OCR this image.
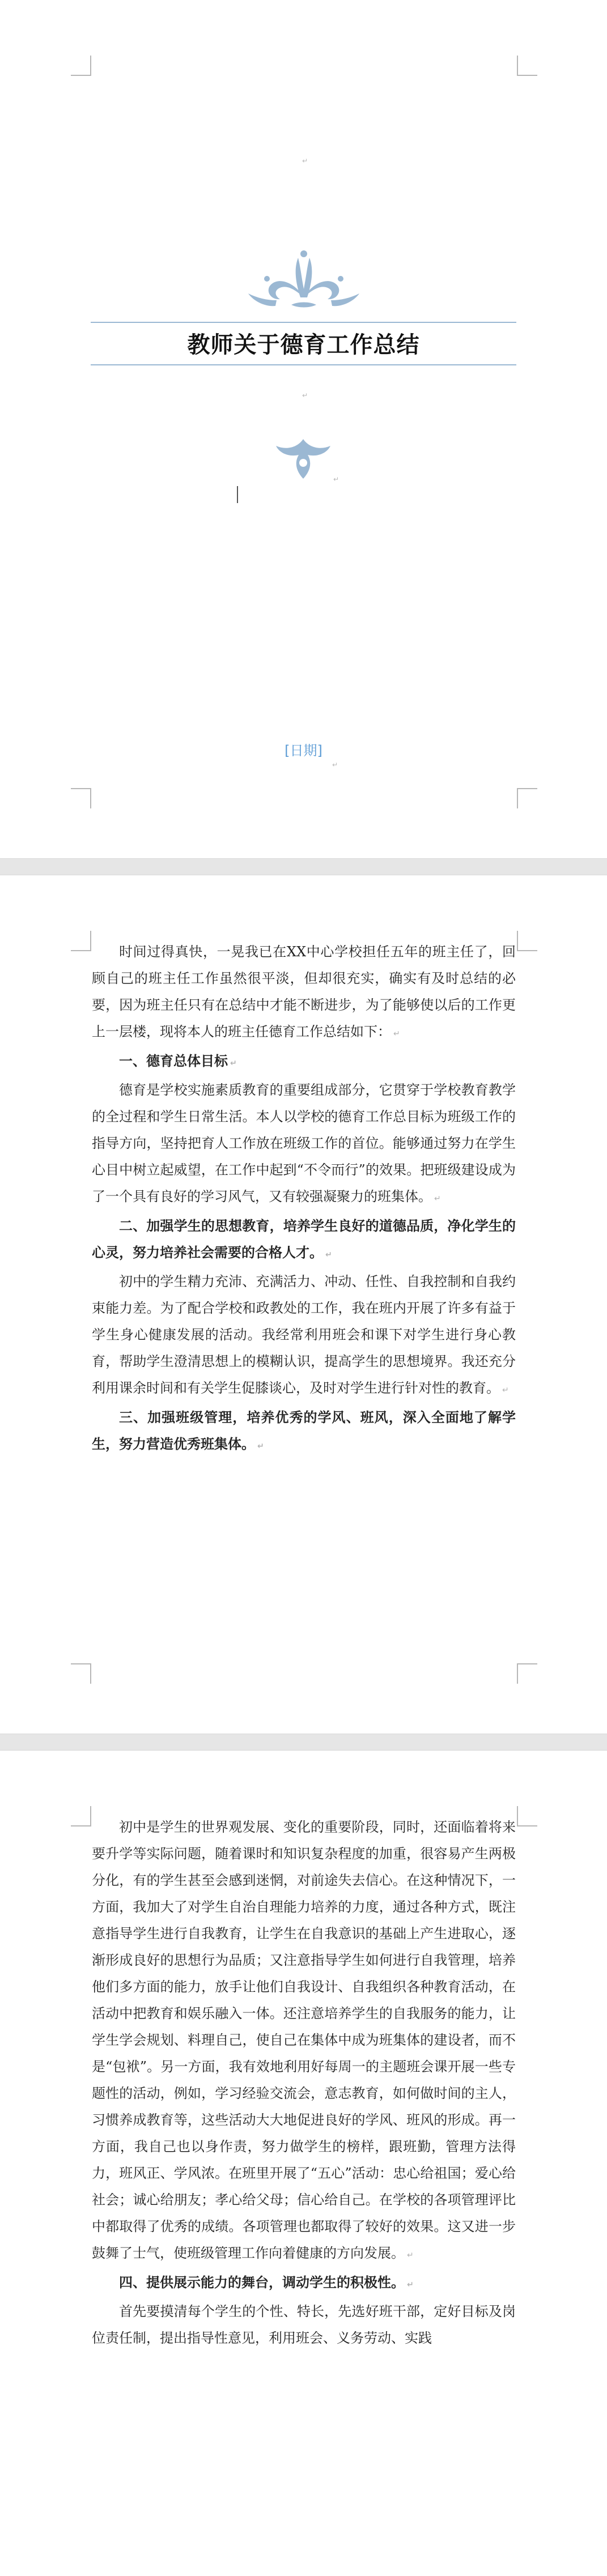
↵
教师关于德育工作总结
↵
↵
[日期]
↵

时间过得真快，一晃我已在XX中心学校担任五年的班主任了，回顾自己的班主任工作虽然很平淡，但却很充实，确实有及时总结的必要，因为班主任只有在总结中才能不断进步，为了能够使以后的工作更上一层楼，现将本人的班主任德育工作总结如下： ↵

一、德育总体目标 ↵

德育是学校实施素质教育的重要组成部分，它贯穿于学校教育教学的全过程和学生日常生活。本人以学校的德育工作总目标为班级工作的指导方向，坚持把育人工作放在班级工作的首位。能够通过努力在学生心目中树立起威望，在工作中起到“不令而行”的效果。把班级建设成为了一个具有良好的学习风气，又有较强凝聚力的班集体。 ↵

二、加强学生的思想教育，培养学生良好的道德品质，净化学生的心灵，努力培养社会需要的合格人才。 ↵

初中的学生精力充沛、充满活力、冲动、任性、自我控制和自我约束能力差。为了配合学校和政教处的工作，我在班内开展了许多有益于学生身心健康发展的活动。我经常利用班会和课下对学生进行身心教育，帮助学生澄清思想上的模糊认识，提高学生的思想境界。我还充分利用课余时间和有关学生促膝谈心，及时对学生进行针对性的教育。 ↵

三、加强班级管理，培养优秀的学风、班风，深入全面地了解学生，努力营造优秀班集体。 ↵

初中是学生的世界观发展、变化的重要阶段，同时，还面临着将来要升学等实际问题，随着课时和知识复杂程度的加重，很容易产生两极分化，有的学生甚至会感到迷惘，对前途失去信心。在这种情况下，一方面，我加大了对学生自治自理能力培养的力度，通过各种方式，既注意指导学生进行自我教育，让学生在自我意识的基础上产生进取心，逐渐形成良好的思想行为品质；又注意指导学生如何进行自我管理，培养他们多方面的能力，放手让他们自我设计、自我组织各种教育活动，在活动中把教育和娱乐融入一体。还注意培养学生的自我服务的能力，让学生学会规划、料理自己，使自己在集体中成为班集体的建设者，而不是“包袱”。另一方面，我有效地利用好每周一的主题班会课开展一些专题性的活动，例如，学习经验交流会，意志教育，如何做时间的主人，习惯养成教育等，这些活动大大地促进良好的学风、班风的形成。再一方面，我自己也以身作责，努力做学生的榜样，跟班勤，管理方法得力，班风正、学风浓。在班里开展了“五心”活动：忠心给祖国；爱心给社会；诚心给朋友；孝心给父母；信心给自己。在学校的各项管理评比中都取得了优秀的成绩。各项管理也都取得了较好的效果。这又进一步鼓舞了士气，使班级管理工作向着健康的方向发展。 ↵

四、提供展示能力的舞台，调动学生的积极性。 ↵

首先要摸清每个学生的个性、特长，先选好班干部，定好目标及岗位责任制，提出指导性意见，利用班会、义务劳动、实践
